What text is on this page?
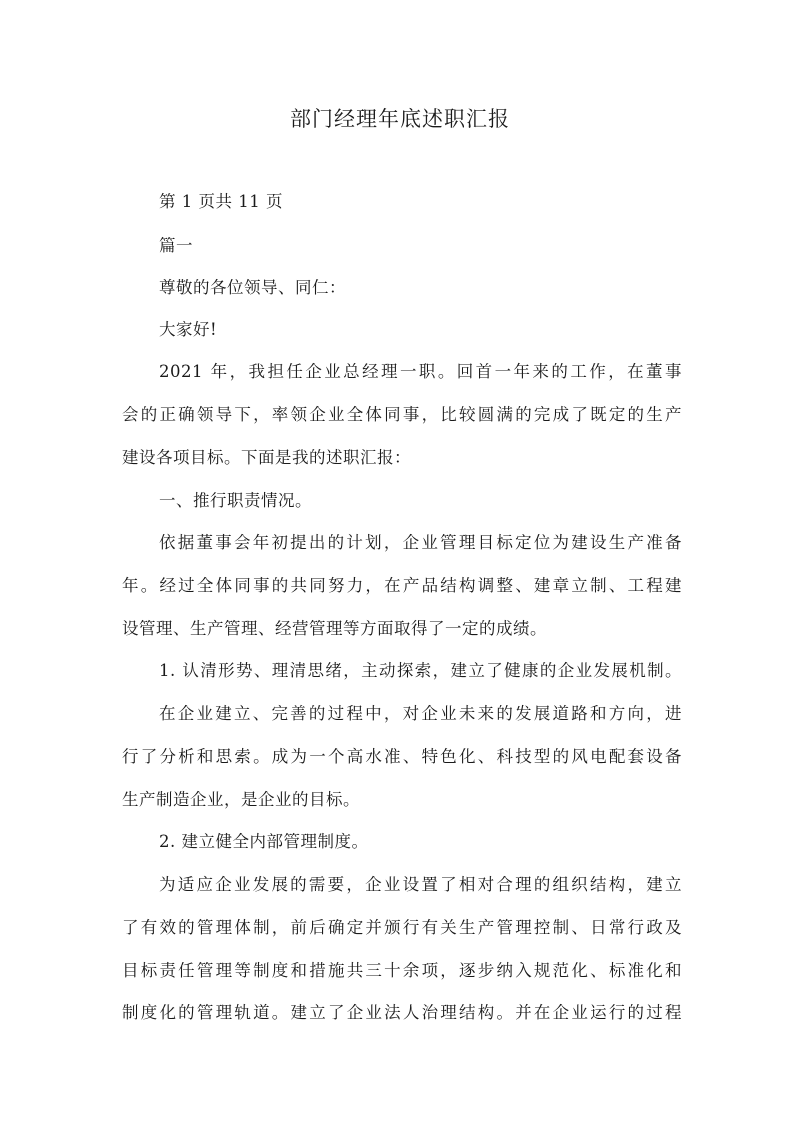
部门经理年底述职汇报
第 1 页共 11 页
篇一
尊敬的各位领导、同仁：
大家好!
2021 年，我担任企业总经理一职。回首一年来的工作，在董事
会的正确领导下，率领企业全体同事，比较圆满的完成了既定的生产
建设各项目标。下面是我的述职汇报：
一、推行职责情况。
依据董事会年初提出的计划，企业管理目标定位为建设生产准备
年。经过全体同事的共同努力，在产品结构调整、建章立制、工程建
设管理、生产管理、经营管理等方面取得了一定的成绩。
1. 认清形势、理清思绪，主动探索，建立了健康的企业发展机制。
在企业建立、完善的过程中，对企业未来的发展道路和方向，进
行了分析和思索。成为一个高水准、特色化、科技型的风电配套设备
生产制造企业，是企业的目标。
2. 建立健全内部管理制度。
为适应企业发展的需要，企业设置了相对合理的组织结构，建立
了有效的管理体制，前后确定并颁行有关生产管理控制、日常行政及
目标责任管理等制度和措施共三十余项，逐步纳入规范化、标准化和
制度化的管理轨道。建立了企业法人治理结构。并在企业运行的过程
